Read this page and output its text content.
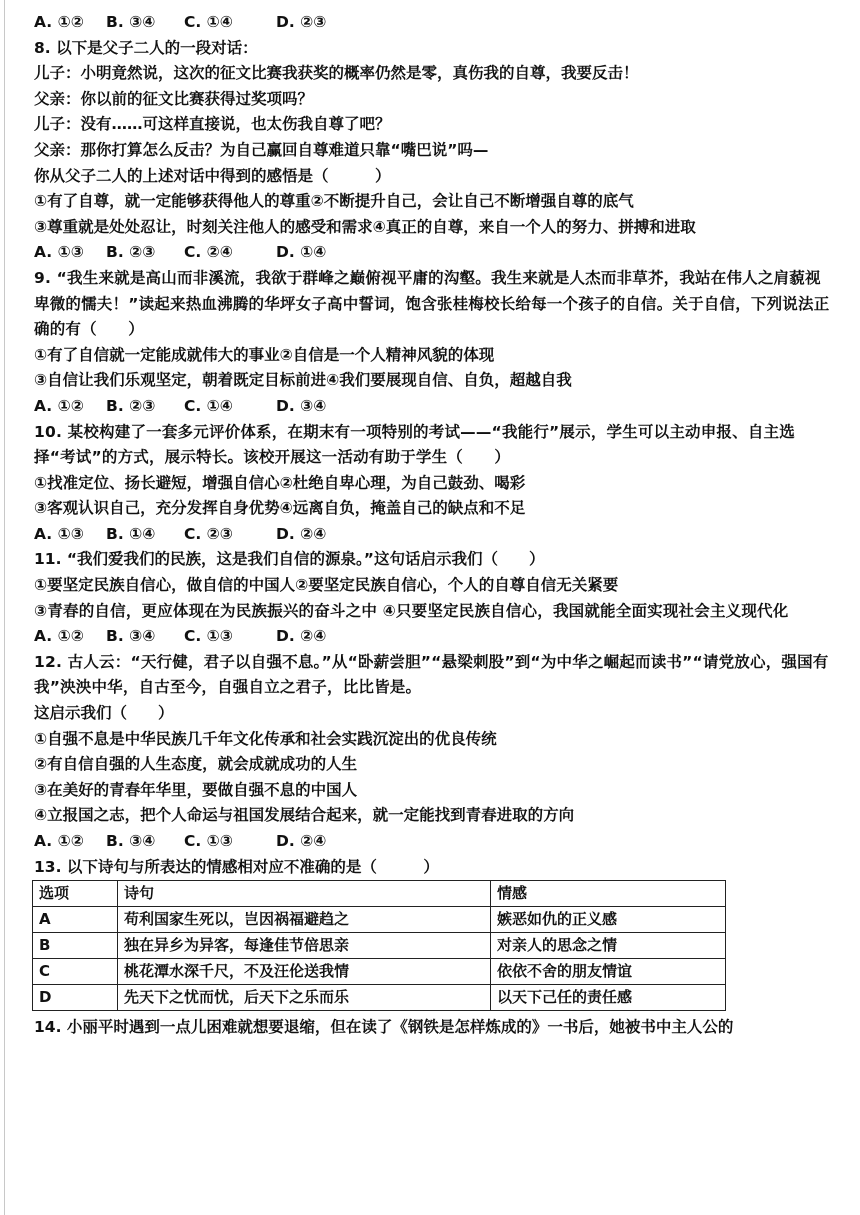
A. ①② B. ③④ C. ①④	D. ②③
8. 以下是父子二人的一段对话：
儿子：小明竟然说，这次的征文比赛我获奖的概率仍然是零，真伤我的自尊，我要反击！
父亲：你以前的征文比赛获得过奖项吗？
儿子：没有……可这样直接说，也太伤我自尊了吧？
父亲：那你打算怎么反击？为自己赢回自尊难道只靠“嘴巴说”吗—
你从父子二人的上述对话中得到的感悟是（　　　）
①有了自尊，就一定能够获得他人的尊重②不断提升自己，会让自己不断增强自尊的底气
③尊重就是处处忍让，时刻关注他人的感受和需求④真正的自尊，来自一个人的努力、拼搏和进取
A. ①③ B. ②③ C. ②④	D. ①④
9. “我生来就是高山而非溪流，我欲于群峰之巅俯视平庸的沟壑。我生来就是人杰而非草芥，我站在伟人之肩藐视卑微的懦夫！”读起来热血沸腾的华坪女子高中誓词，饱含张桂梅校长给每一个孩子的自信。关于自信，下列说法正确的有（　　）
①有了自信就一定能成就伟大的事业②自信是一个人精神风貌的体现
③自信让我们乐观坚定，朝着既定目标前进④我们要展现自信、自负，超越自我
A. ①② B. ②③ C. ①④	D. ③④
10. 某校构建了一套多元评价体系，在期末有一项特别的考试——“我能行”展示，学生可以主动申报、自主选择“考试”的方式，展示特长。该校开展这一活动有助于学生（　　）
①找准定位、扬长避短，增强自信心②杜绝自卑心理，为自己鼓劲、喝彩
③客观认识自己，充分发挥自身优势④远离自负，掩盖自己的缺点和不足
A. ①③ B. ①④ C. ②③	D. ②④
11. “我们爱我们的民族，这是我们自信的源泉。”这句话启示我们（　　）
①要坚定民族自信心，做自信的中国人②要坚定民族自信心，个人的自尊自信无关紧要
③青春的自信，更应体现在为民族振兴的奋斗之中 ④只要坚定民族自信心，我国就能全面实现社会主义现代化
A. ①② B. ③④ C. ①③	D. ②④
12. 古人云：“天行健，君子以自强不息。”从“卧薪尝胆”“悬梁刺股”到“为中华之崛起而读书”“请党放心，强国有我”泱泱中华，自古至今，自强自立之君子，比比皆是。
这启示我们（　　）
①自强不息是中华民族几千年文化传承和社会实践沉淀出的优良传统
②有自信自强的人生态度，就会成就成功的人生
③在美好的青春年华里，要做自强不息的中国人
④立报国之志，把个人命运与祖国发展结合起来，就一定能找到青春进取的方向
A. ①② B. ③④ C. ①③	D. ②④
13. 以下诗句与所表达的情感相对应不准确的是（　　　）
选项	诗句	情感
A	苟利国家生死以，岂因祸福避趋之	嫉恶如仇的正义感
B	独在异乡为异客，每逢佳节倍思亲	对亲人的思念之情
C	桃花潭水深千尺，不及汪伦送我情	依依不舍的朋友情谊
D	先天下之忧而忧，后天下之乐而乐	以天下己任的责任感
14. 小丽平时遇到一点儿困难就想要退缩，但在读了《钢铁是怎样炼成的》一书后，她被书中主人公的
